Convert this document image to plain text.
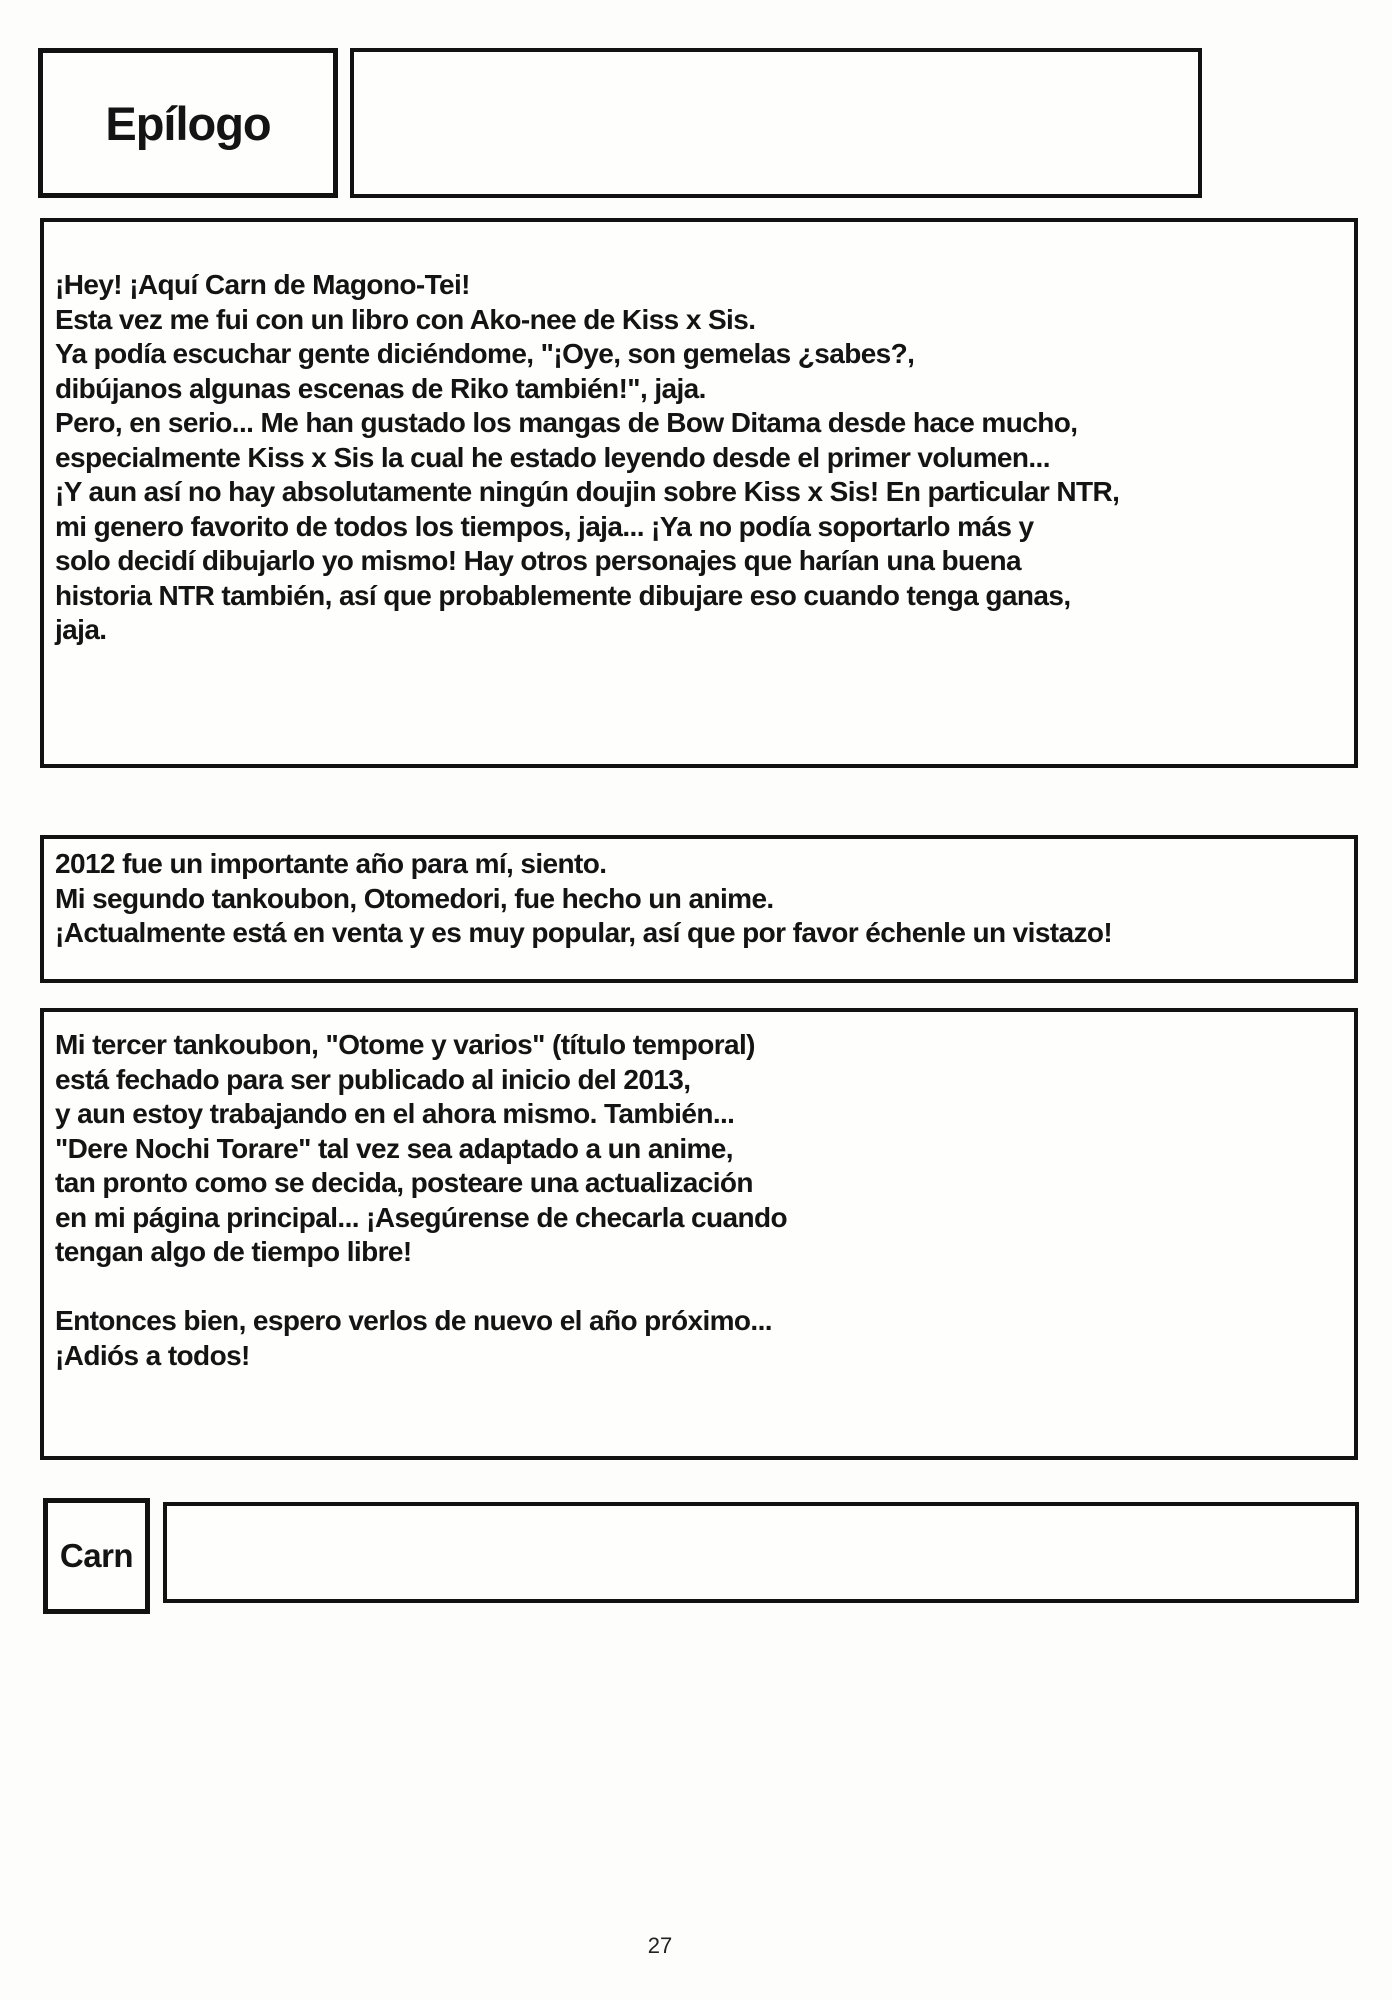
Epílogo
¡Hey! ¡Aquí Carn de Magono-Tei!
Esta vez me fui con un libro con Ako-nee de Kiss x Sis.
Ya podía escuchar gente diciéndome, "¡Oye, son gemelas ¿sabes?,
dibújanos algunas escenas de Riko también!", jaja.
Pero, en serio... Me han gustado los mangas de Bow Ditama desde hace mucho,
especialmente Kiss x Sis la cual he estado leyendo desde el primer volumen...
¡Y aun así no hay absolutamente ningún doujin sobre Kiss x Sis! En particular NTR,
mi genero favorito de todos los tiempos, jaja... ¡Ya no podía soportarlo más y
solo decidí dibujarlo yo mismo! Hay otros personajes que harían una buena
historia NTR también, así que probablemente dibujare eso cuando tenga ganas,
jaja.
2012 fue un importante año para mí, siento.
Mi segundo tankoubon, Otomedori, fue hecho un anime.
¡Actualmente está en venta y es muy popular, así que por favor échenle un vistazo!
Mi tercer tankoubon, "Otome y varios" (título temporal)
está fechado para ser publicado al inicio del 2013,
y aun estoy trabajando en el ahora mismo. También...
"Dere Nochi Torare" tal vez sea adaptado a un anime,
tan pronto como se decida, posteare una actualización
en mi página principal... ¡Asegúrense de checarla cuando
tengan algo de tiempo libre!
Entonces bien, espero verlos de nuevo el año próximo...
¡Adiós a todos!
Carn
27
